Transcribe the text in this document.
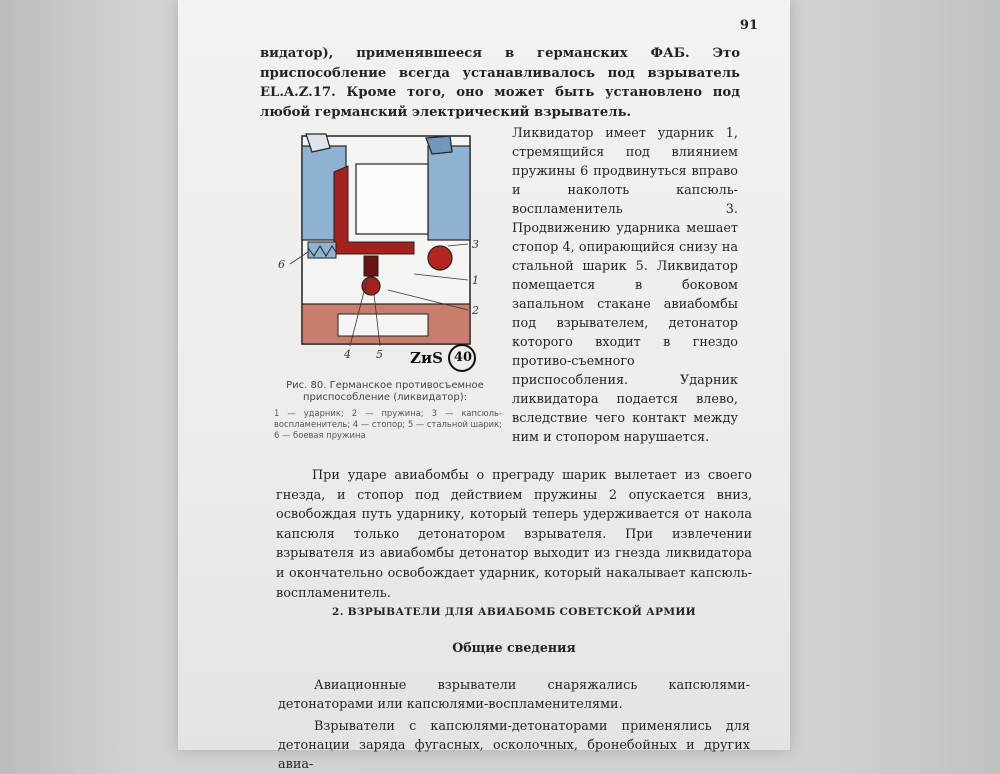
91

видатор), применявшееся в германских ФАБ. Это приспособление всегда устанавливалось под взрыватель EL.A.Z.17. Кроме того, оно может быть установлено под любой германский электрический взрыватель.

3
6
1
2
4 5 ZиS 40

Рис. 80. Германское противосъемное приспособление (ликвидатор):

1 — ударник; 2 — пружина; 3 — капсюль-воспламенитель; 4 — стопор; 5 — стальной шарик; 6 — боевая пружина

Ликвидатор имеет ударник 1, стремящийся под влиянием пружины 6 продвинуться вправо и наколоть капсюль-воспламенитель 3. Продвижению ударника мешает стопор 4, опирающийся снизу на стальной шарик 5. Ликвидатор помещается в боковом запальном стакане авиабомбы под взрывателем, детонатор которого входит в гнездо противо-съемного приспособления. Ударник ликвидатора подается влево, вследствие чего контакт между ним и стопором нарушается.

При ударе авиабомбы о преграду шарик вылетает из своего гнезда, и стопор под действием пружины 2 опускается вниз, освобождая путь ударнику, который теперь удерживается от накола капсюля только детонатором взрывателя. При извлечении взрывателя из авиабомбы детонатор выходит из гнезда ликвидатора и окончательно освобождает ударник, который накалывает капсюль-воспламенитель.

2. ВЗРЫВАТЕЛИ ДЛЯ АВИАБОМБ СОВЕТСКОЙ АРМИИ
Общие сведения

Авиационные взрыватели снаряжались капсюлями-детонаторами или капсюлями-воспламенителями.

Взрыватели с капсюлями-детонаторами применялись для детонации заряда фугасных, осколочных, бронебойных и других авиа-
